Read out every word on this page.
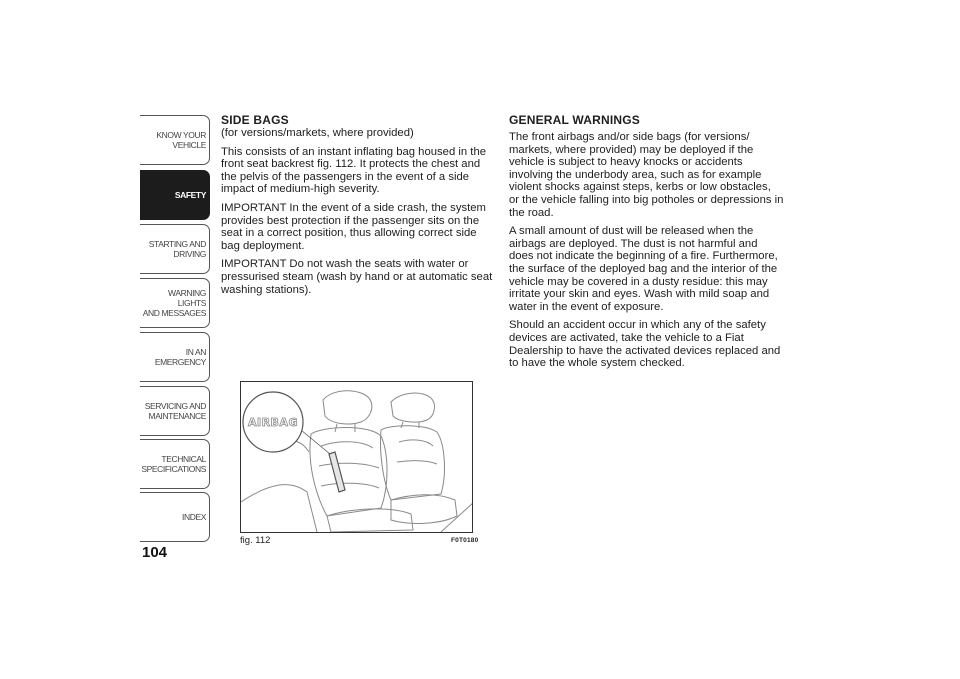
KNOW YOUR
VEHICLE
SAFETY
STARTING AND
DRIVING
WARNING LIGHTS
AND MESSAGES
IN AN EMERGENCY
SERVICING AND
MAINTENANCE
TECHNICAL
SPECIFICATIONS
INDEX
104

SIDE BAGS

(for versions/markets, where provided)

This consists of an instant inflating bag housed in the front seat backrest fig. 112. It protects the chest and the pelvis of the passengers in the event of a side impact of medium-high severity.

IMPORTANT In the event of a side crash, the system provides best protection if the passenger sits on the seat in a correct position, thus allowing correct side bag deployment.

IMPORTANT Do not wash the seats with water or pressurised steam (wash by hand or at automatic seat washing stations).

GENERAL WARNINGS

The front airbags and/or side bags (for versions/ markets, where provided) may be deployed if the vehicle is subject to heavy knocks or accidents involving the underbody area, such as for example violent shocks against steps, kerbs or low obstacles, or the vehicle falling into big potholes or depressions in the road.

A small amount of dust will be released when the airbags are deployed. The dust is not harmful and does not indicate the beginning of a fire. Furthermore, the surface of the deployed bag and the interior of the vehicle may be covered in a dusty residue: this may irritate your skin and eyes. Wash with mild soap and water in the event of exposure.

Should an accident occur in which any of the safety devices are activated, take the vehicle to a Fiat Dealership to have the activated devices replaced and to have the whole system checked.

AIRBAG
fig. 112	F0T0180
